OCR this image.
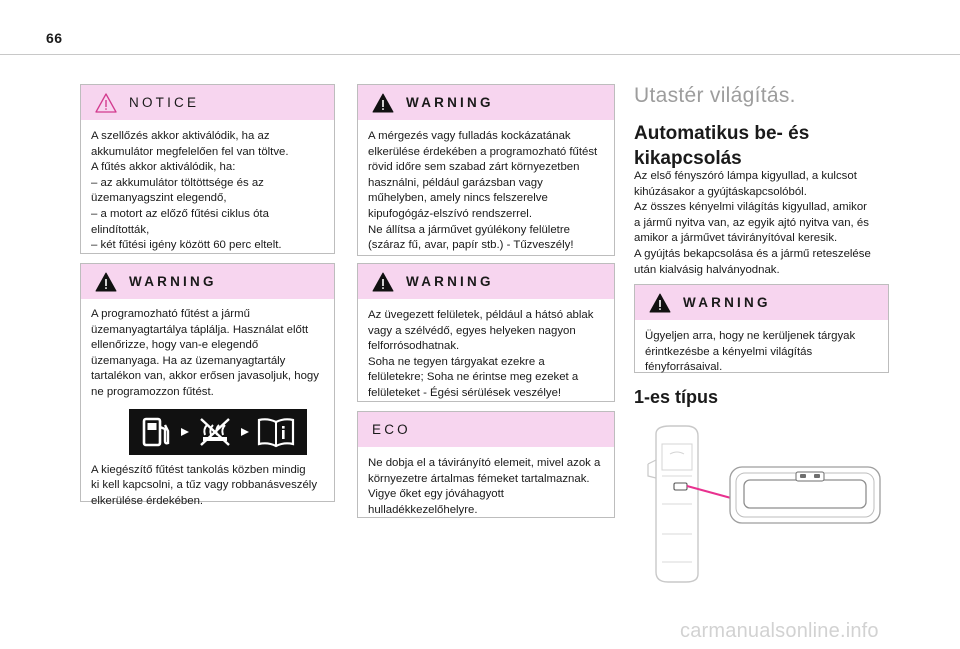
66
NOTICE

A szellőzés akkor aktiválódik, ha az
akkumulátor megfelelően fel van töltve.
A fűtés akkor aktiválódik, ha:
– az akkumulátor töltöttsége és az
üzemanyagszint elegendő,
– a motort az előző fűtési ciklus óta
elindították,
– két fűtési igény között 60 perc eltelt.

WARNING

A programozható fűtést a jármű
üzemanyagtartálya táplálja. Használat előtt
ellenőrizze, hogy van-e elegendő
üzemanyaga. Ha az üzemanyagtartály
tartalékon van, akkor erősen javasoljuk, hogy
ne programozzon fűtést.

A kiegészítő fűtést tankolás közben mindig
ki kell kapcsolni, a tűz vagy robbanásveszély
elkerülése érdekében.

WARNING

A mérgezés vagy fulladás kockázatának
elkerülése érdekében a programozható fűtést
rövid időre sem szabad zárt környezetben
használni, például garázsban vagy
műhelyben, amely nincs felszerelve
kipufogógáz-elszívó rendszerrel.
Ne állítsa a járművet gyúlékony felületre
(száraz fű, avar, papír stb.) - Tűzveszély!

WARNING

Az üvegezett felületek, például a hátsó ablak
vagy a szélvédő, egyes helyeken nagyon
felforrósodhatnak.
Soha ne tegyen tárgyakat ezekre a
felületekre; Soha ne érintse meg ezeket a
felületeket - Égési sérülések veszélye!

ECO

Ne dobja el a távirányító elemeit, mivel azok a
környezetre ártalmas fémeket tartalmaznak.
Vigye őket egy jóváhagyott
hulladékkezelőhelyre.

Utastér világítás.
Automatikus be- és kikapcsolás
Az első fényszóró lámpa kigyullad, a kulcsot
kihúzásakor a gyújtáskapcsolóból.
Az összes kényelmi világítás kigyullad, amikor
a jármű nyitva van, az egyik ajtó nyitva van, és
amikor a járművet távirányítóval keresik.
A gyújtás bekapcsolása és a jármű reteszelése
után kialvásig halványodnak.
WARNING

Ügyeljen arra, hogy ne kerüljenek tárgyak
érintkezésbe a kényelmi világítás
fényforrásaival.

1-es típus
carmanualsonline.info
